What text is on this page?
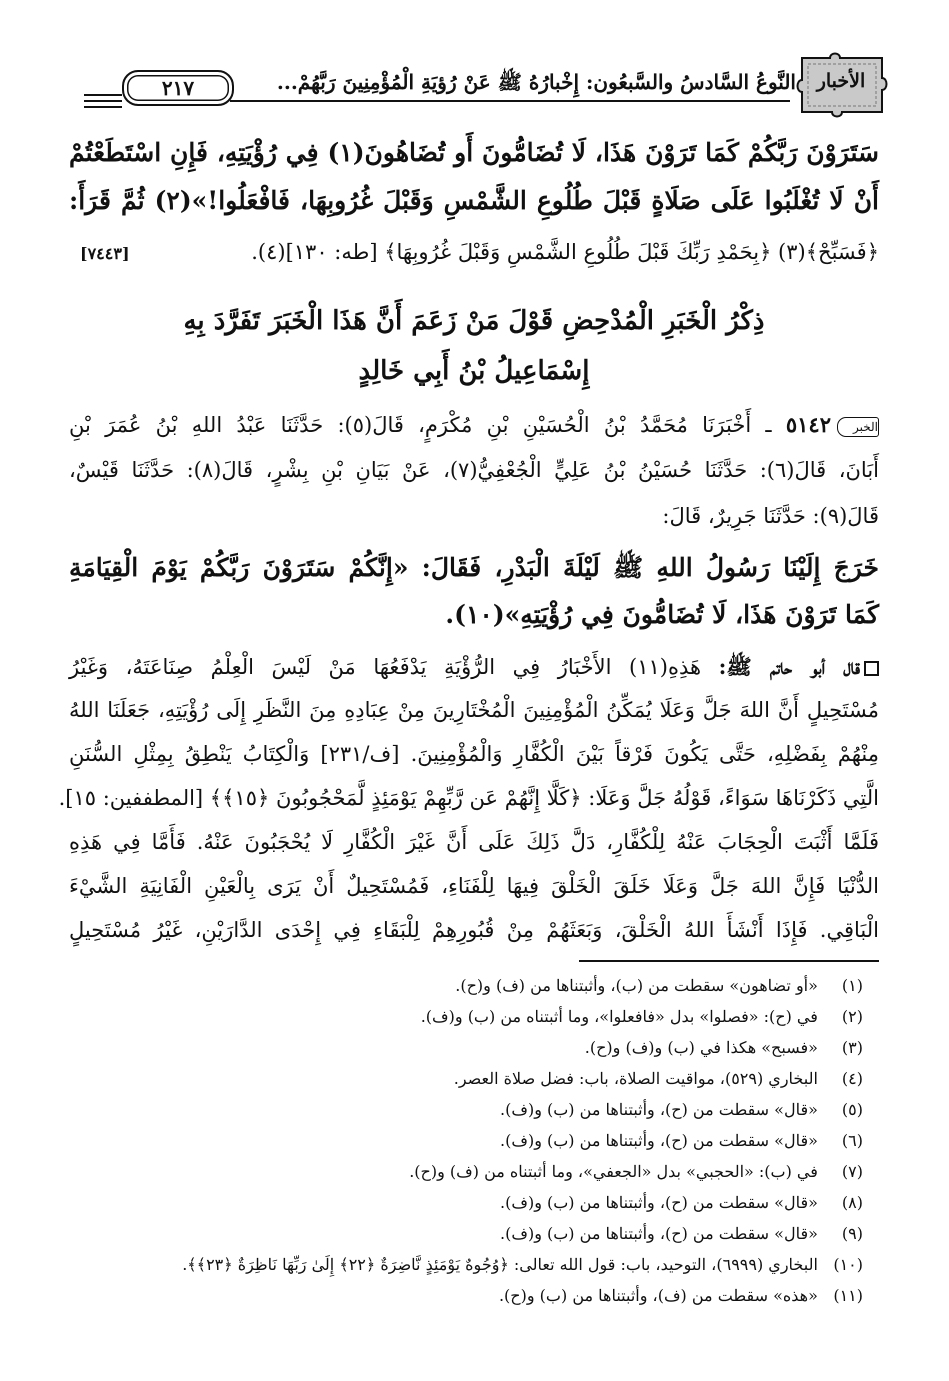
الأخبار
النَّوعُ السَّادسُ والسَّبعُون: إِخْبارُهُ ﷺ عَنْ رُؤيَةِ الْمُؤْمِنِينَ رَبَّهُمْ...
٢١٧
سَتَرَوْنَ رَبَّكُمْ كَمَا تَرَوْنَ هَذَا، لَا تُضَامُّونَ أَو تُضَاهُونَ(١) فِي رُؤْيَتِهِ، فَإِنِ اسْتَطَعْتُمْ
أَنْ لَا تُغْلَبُوا عَلَى صَلَاةٍ قَبْلَ طُلُوعِ الشَّمْسِ وَقَبْلَ غُرُوبِهَا، فَافْعَلُوا!»(٢) ثُمَّ قَرَأَ:
﴿فَسَبِّحْ﴾(٣) ﴿بِحَمْدِ رَبِّكَ قَبْلَ طُلُوعِ الشَّمْسِ وَقَبْلَ غُرُوبِهَا﴾ [طه: ١٣٠](٤).
[٧٤٤٣]
ذِكْرُ الْخَبَرِ الْمُدْحِضِ قَوْلَ مَنْ زَعَمَ أَنَّ هَذَا الْخَبَرَ تَفَرَّدَ بِهِ
إِسْمَاعِيلُ بْنُ أَبِي خَالِدٍ
الخبر٥١٤٢ ـ أَخْبَرَنَا مُحَمَّدُ بْنُ الْحُسَيْنِ بْنِ مُكْرَمٍ، قَالَ(٥): حَدَّثَنَا عَبْدُ اللهِ بْنُ عُمَرَ بْنِ
أَبَانَ، قَالَ(٦): حَدَّثَنَا حُسَيْنُ بْنُ عَلِيٍّ الْجُعْفِيُّ(٧)، عَنْ بَيَانِ بْنِ بِشْرٍ، قَالَ(٨): حَدَّثَنَا قَيْسٌ،
قَالَ(٩): حَدَّثَنَا جَرِيرٌ، قَالَ:
خَرَجَ إِلَيْنَا رَسُولُ اللهِ ﷺ لَيْلَةَ الْبَدْرِ، فَقَالَ: «إِنَّكُمْ سَتَرَوْنَ رَبَّكُمْ يَوْمَ الْقِيَامَةِ
كَمَا تَرَوْنَ هَذَا، لَا تُضَامُّونَ فِي رُؤْيَتِهِ»(١٠).
قال أبو حاتم ﷺ: هَذِهِ(١١) الأَخْبَارُ فِي الرُّؤْيَةِ يَدْفَعُهَا مَنْ لَيْسَ الْعِلْمُ صِنَاعَتَهُ، وَغَيْرُ
مُسْتَحِيلٍ أَنَّ اللهَ جَلَّ وَعَلَا يُمَكِّنُ الْمُؤْمِنِينَ الْمُخْتَارِينَ مِنْ عِبَادِهِ مِنَ النَّظَرِ إِلَى رُؤْيَتِهِ، جَعَلَنَا اللهُ
مِنْهُمْ بِفَضْلِهِ، حَتَّى يَكُونَ فَرْقاً بَيْنَ الْكُفَّارِ وَالْمُؤْمِنِينَ. [ف/٢٣١] وَالْكِتَابُ يَنْطِقُ بِمِثْلِ السُّنَنِ
الَّتِي ذَكَرْنَاهَا سَوَاءً، قَوْلُهُ جَلَّ وَعَلَا: ﴿كَلَّا إِنَّهُمْ عَن رَّبِّهِمْ يَوْمَئِذٍ لَّمَحْجُوبُونَ ﴿١٥﴾﴾ [المطففين: ١٥].
فَلَمَّا أَثْبَتَ الْحِجَابَ عَنْهُ لِلْكُفَّارِ، دَلَّ ذَلِكَ عَلَى أَنَّ غَيْرَ الْكُفَّارِ لَا يُحْجَبُونَ عَنْهُ. فَأَمَّا فِي هَذِهِ
الدُّنْيَا فَإِنَّ اللهَ جَلَّ وَعَلَا خَلَقَ الْخَلْقَ فِيهَا لِلْفَنَاءِ، فَمُسْتَحِيلٌ أَنْ يَرَى بِالْعَيْنِ الْفَانِيَةِ الشَّيْءَ
الْبَاقِي. فَإِذَا أَنْشَأَ اللهُ الْخَلْقَ، وَبَعَثَهُمْ مِنْ قُبُورِهِمْ لِلْبَقَاءِ فِي إِحْدَى الدَّارَيْنِ، غَيْرُ مُسْتَحِيلٍ
(١) «أو تضاهون» سقطت من (ب)، وأثبتناها من (ف) و(ح).
(٢) في (ح): «فصلوا» بدل «فافعلوا»، وما أثبتناه من (ب) و(ف).
(٣) «فسبح» هكذا في (ب) و(ف) و(ح).
(٤) البخاري (٥٢٩)، مواقيت الصلاة، باب: فضل صلاة العصر.
(٥) «قال» سقطت من (ح)، وأثبتناها من (ب) و(ف).
(٦) «قال» سقطت من (ح)، وأثبتناها من (ب) و(ف).
(٧) في (ب): «الحجبي» بدل «الجعفي»، وما أثبتناه من (ف) و(ح).
(٨) «قال» سقطت من (ح)، وأثبتناها من (ب) و(ف).
(٩) «قال» سقطت من (ح)، وأثبتناها من (ب) و(ف).
(١٠) البخاري (٦٩٩٩)، التوحيد، باب: قول الله تعالى: ﴿وُجُوهٌ يَوْمَئِذٍ نَّاضِرَةٌ ﴿٢٢﴾ إِلَىٰ رَبِّهَا نَاظِرَةٌ ﴿٢٣﴾﴾.
(١١) «هذه» سقطت من (ف)، وأثبتناها من (ب) و(ح).
